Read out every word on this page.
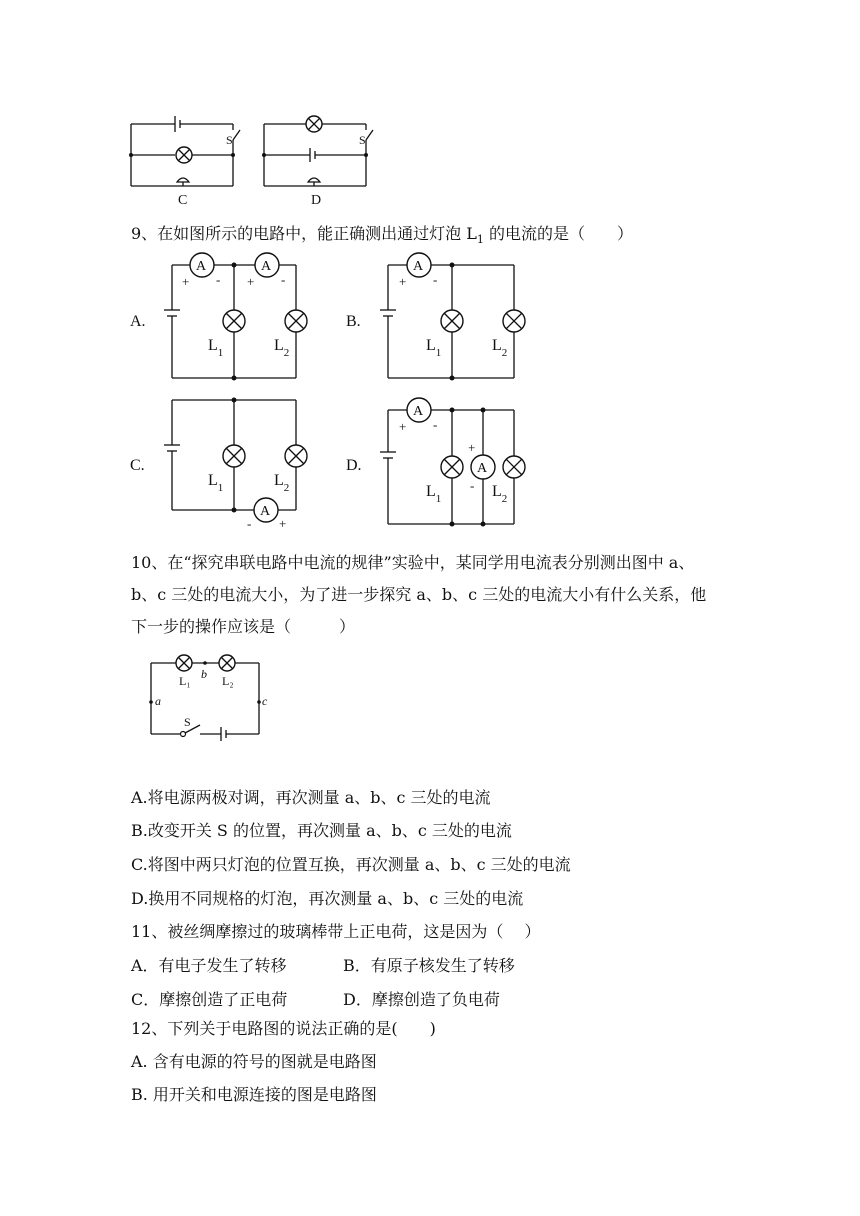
S
C
S
D
9、在如图所示的电路中，能正确测出通过灯泡 $L_1$ 的电流的是（　　）
A.
A	A
+ - + -
$L_1$	$L_2$
B.
A
+ -
$L_1$	$L_2$
C.
A
- +
$L_1$	$L_2$
D.
A
+ -
A
+
-
$L_1$	$L_2$
10、在“探究串联电路中电流的规律”实验中，某同学用电流表分别测出图中 a、
b、c 三处的电流大小，为了进一步探究 a、b、c 三处的电流大小有什么关系，他
下一步的操作应该是（　　　）
L₁	L₂
b
a	c
S
A.将电源两极对调，再次测量 a、b、c 三处的电流
B.改变开关 S 的位置，再次测量 a、b、c 三处的电流
C.将图中两只灯泡的位置互换，再次测量 a、b、c 三处的电流
D.换用不同规格的灯泡，再次测量 a、b、c 三处的电流
11、被丝绸摩擦过的玻璃棒带上正电荷，这是因为（　 ）
A．有电子发生了转移	B．有原子核发生了转移
C．摩擦创造了正电荷	D．摩擦创造了负电荷
12、下列关于电路图的说法正确的是(　　)
A. 含有电源的符号的图就是电路图
B. 用开关和电源连接的图是电路图
